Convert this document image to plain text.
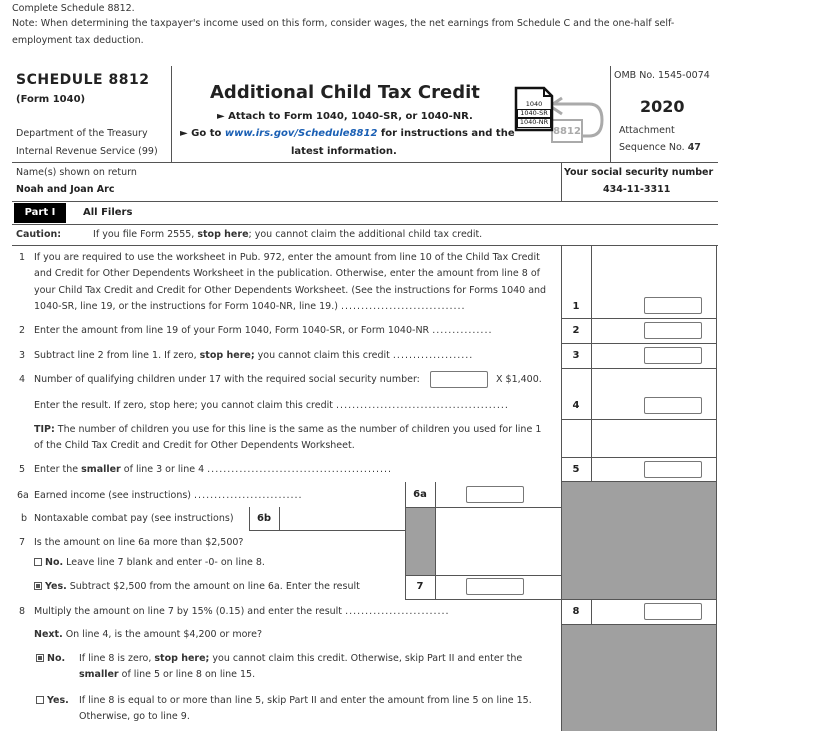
Complete Schedule 8812.
Note: When determining the taxpayer's income used on this form, consider wages, the net earnings from Schedule C and the one-half self-
employment tax deduction.
SCHEDULE 8812
(Form 1040)
Department of the Treasury
Internal Revenue Service (99)
Additional Child Tax Credit
► Attach to Form 1040, 1040-SR, or 1040-NR.
► Go to www.irs.gov/Schedule8812 for instructions and the
latest information.
1040
1040-SR
1040-NR
8812
OMB No. 1545-0074
2020
Attachment
Sequence No. 47
Name(s) shown on return
Noah and Joan Arc
Your social security number
434-11-3311
Part I	All Filers
Caution:	If you file Form 2555, stop here; you cannot claim the additional child tax credit.
1 If you are required to use the worksheet in Pub. 972, enter the amount from line 10 of the Child Tax Credit
and Credit for Other Dependents Worksheet in the publication. Otherwise, enter the amount from line 8 of
your Child Tax Credit and Credit for Other Dependents Worksheet. (See the instructions for Forms 1040 and
1040-SR, line 19, or the instructions for Form 1040-NR, line 19.) ...............................	1
2 Enter the amount from line 19 of your Form 1040, Form 1040-SR, or Form 1040-NR ...............	2
3 Subtract line 2 from line 1. If zero, stop here; you cannot claim this credit ....................	3
4 Number of qualifying children under 17 with the required social security number:	X $1,400.
Enter the result. If zero, stop here; you cannot claim this credit ...........................................	4
TIP: The number of children you use for this line is the same as the number of children you used for line 1
of the Child Tax Credit and Credit for Other Dependents Worksheet.
5 Enter the smaller of line 3 or line 4 ..............................................	5
6a Earned income (see instructions) ...........................	6a
b Nontaxable combat pay (see instructions) 6b
7 Is the amount on line 6a more than $2,500?
No. Leave line 7 blank and enter -0- on line 8.
Yes. Subtract $2,500 from the amount on line 6a. Enter the result	7
8 Multiply the amount on line 7 by 15% (0.15) and enter the result ..........................	8
Next. On line 4, is the amount $4,200 or more?
No. If line 8 is zero, stop here; you cannot claim this credit. Otherwise, skip Part II and enter the
smaller of line 5 or line 8 on line 15.
Yes. If line 8 is equal to or more than line 5, skip Part II and enter the amount from line 5 on line 15.
Otherwise, go to line 9.
